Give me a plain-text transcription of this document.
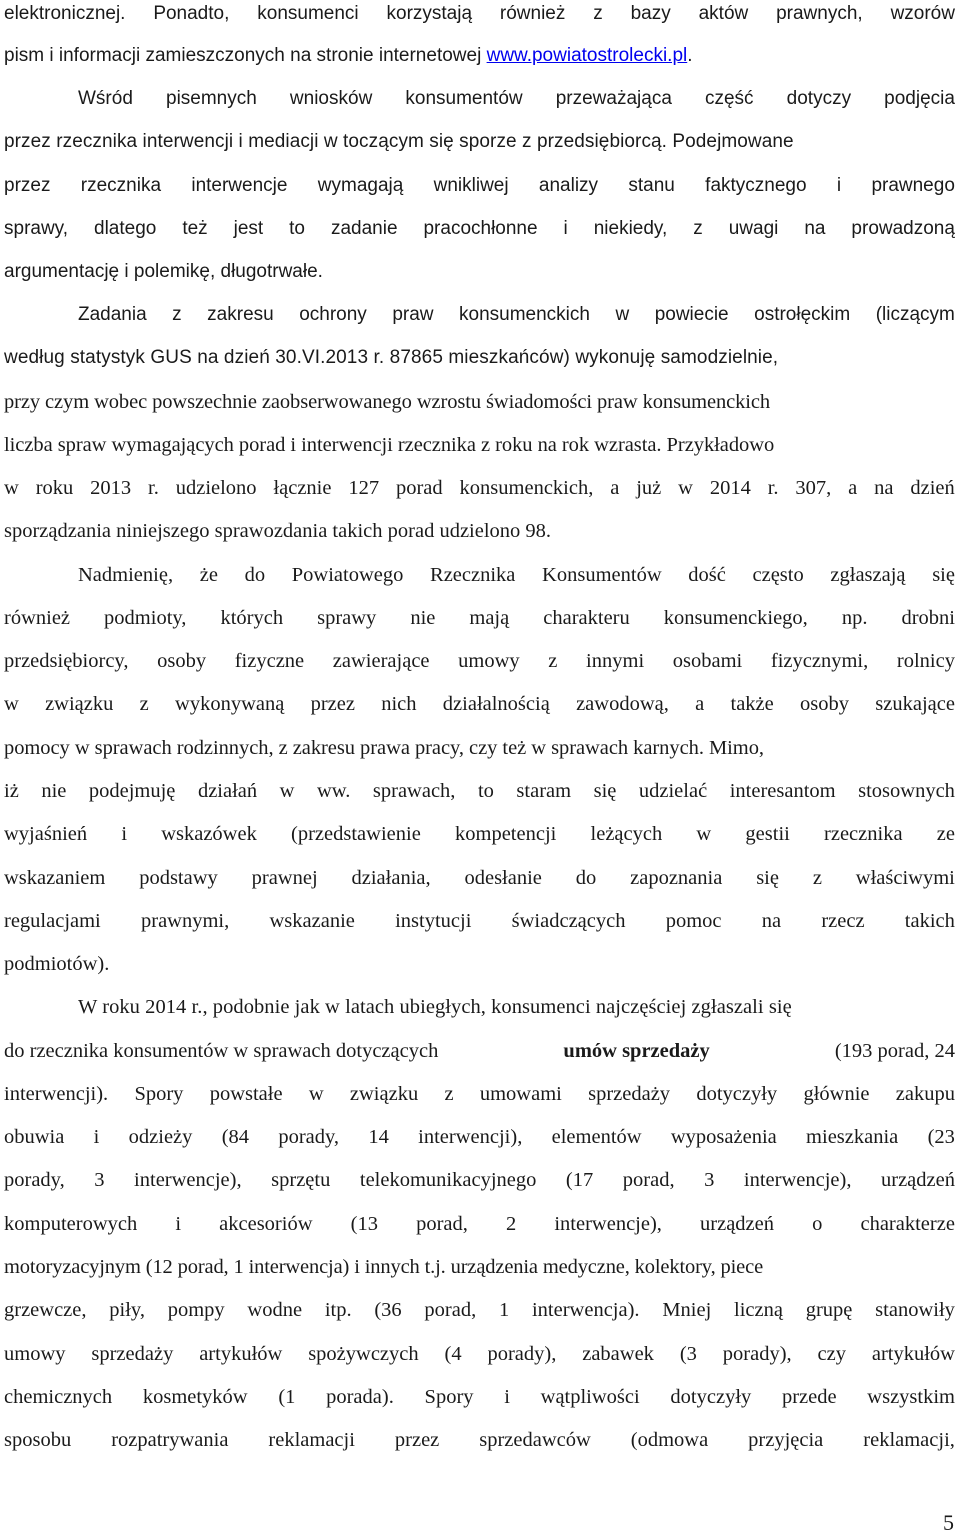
elektronicznej. Ponadto, konsumenci korzystają również z bazy aktów prawnych, wzorów
pism i informacji zamieszczonych na stronie internetowej www.powiatostrolecki.pl.
Wśród pisemnych wniosków konsumentów przeważająca część dotyczy podjęcia
przez rzecznika interwencji i mediacji w toczącym się sporze z przedsiębiorcą. Podejmowane
przez rzecznika interwencje wymagają wnikliwej analizy stanu faktycznego i prawnego
sprawy, dlatego też jest to zadanie pracochłonne i niekiedy, z uwagi na prowadzoną
argumentację i polemikę, długotrwałe.
Zadania z zakresu ochrony praw konsumenckich w powiecie ostrołęckim (liczącym
według statystyk GUS na dzień 30.VI.2013 r. 87865 mieszkańców) wykonuję samodzielnie,
przy czym wobec powszechnie zaobserwowanego wzrostu świadomości praw konsumenckich
liczba spraw wymagających porad i interwencji rzecznika z roku na rok wzrasta. Przykładowo
w roku 2013 r. udzielono łącznie 127 porad konsumenckich, a już w 2014 r. 307, a na dzień
sporządzania niniejszego sprawozdania takich porad udzielono 98.
Nadmienię, że do Powiatowego Rzecznika Konsumentów dość często zgłaszają się
również podmioty, których sprawy nie mają charakteru konsumenckiego, np. drobni
przedsiębiorcy, osoby fizyczne zawierające umowy z innymi osobami fizycznymi, rolnicy
w związku z wykonywaną przez nich działalnością zawodową, a także osoby szukające
pomocy w sprawach rodzinnych, z zakresu prawa pracy, czy też w sprawach karnych. Mimo,
iż nie podejmuję działań w ww. sprawach, to staram się udzielać interesantom stosownych
wyjaśnień i wskazówek (przedstawienie kompetencji leżących w gestii rzecznika ze
wskazaniem podstawy prawnej działania, odesłanie do zapoznania się z właściwymi
regulacjami prawnymi, wskazanie instytucji świadczących pomoc na rzecz takich
podmiotów).
W roku 2014 r., podobnie jak w latach ubiegłych, konsumenci najczęściej zgłaszali się
do rzecznika konsumentów w sprawach dotyczących	umów sprzedaży	(193 porad, 24
interwencji). Spory powstałe w związku z umowami sprzedaży dotyczyły głównie zakupu
obuwia i odzieży (84 porady, 14 interwencji), elementów wyposażenia mieszkania (23
porady, 3 interwencje), sprzętu telekomunikacyjnego (17 porad, 3 interwencje), urządzeń
komputerowych i akcesoriów (13 porad, 2 interwencje), urządzeń o charakterze
motoryzacyjnym (12 porad, 1 interwencja) i innych t.j. urządzenia medyczne, kolektory, piece
grzewcze, piły, pompy wodne itp. (36 porad, 1 interwencja). Mniej liczną grupę stanowiły
umowy sprzedaży artykułów spożywczych (4 porady), zabawek (3 porady), czy artykułów
chemicznych kosmetyków (1 porada). Spory i wątpliwości dotyczyły przede wszystkim
sposobu rozpatrywania reklamacji przez sprzedawców (odmowa przyjęcia reklamacji,
5
